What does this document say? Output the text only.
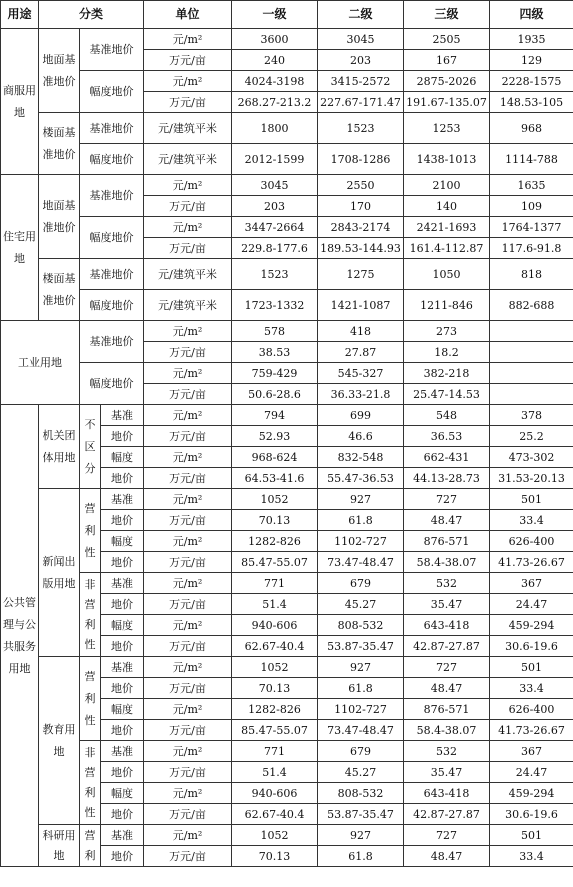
用途	分类			单位	一级	二级	三级	四级
商服用地	地面基准地价	基准地价		元/m²	3600	3045	2505	1935
				万元/亩	240	203	167	129
		幅度地价		元/m²	4024-3198	3415-2572	2875-2026	2228-1575
				万元/亩	268.27-213.2	227.67-171.47	191.67-135.07	148.53-105
	楼面基准地价	基准地价		元/建筑平米	1800	1523	1253	968
		幅度地价		元/建筑平米	2012-1599	1708-1286	1438-1013	1114-788
住宅用地	地面基准地价	基准地价		元/m²	3045	2550	2100	1635
				万元/亩	203	170	140	109
		幅度地价		元/m²	3447-2664	2843-2174	2421-1693	1764-1377
				万元/亩	229.8-177.6	189.53-144.93	161.4-112.87	117.6-91.8
	楼面基准地价	基准地价		元/建筑平米	1523	1275	1050	818
		幅度地价		元/建筑平米	1723-1332	1421-1087	1211-846	882-688
工业用地		基准地价		元/m²	578	418	273	
				万元/亩	38.53	27.87	18.2	
		幅度地价		元/m²	759-429	545-327	382-218	
				万元/亩	50.6-28.6	36.33-21.8	25.47-14.53	
公共管理与公共服务用地	机关团体用地	不区分	基准	元/m²	794	699	548	378
			地价	万元/亩	52.93	46.6	36.53	25.2
			幅度	元/m²	968-624	832-548	662-431	473-302
			地价	万元/亩	64.53-41.6	55.47-36.53	44.13-28.73	31.53-20.13
	新闻出版用地	营利性	基准	元/m²	1052	927	727	501
			地价	万元/亩	70.13	61.8	48.47	33.4
			幅度	元/m²	1282-826	1102-727	876-571	626-400
			地价	万元/亩	85.47-55.07	73.47-48.47	58.4-38.07	41.73-26.67
		非营利性	基准	元/m²	771	679	532	367
			地价	万元/亩	51.4	45.27	35.47	24.47
			幅度	元/m²	940-606	808-532	643-418	459-294
			地价	万元/亩	62.67-40.4	53.87-35.47	42.87-27.87	30.6-19.6
	教育用地	营利性	基准	元/m²	1052	927	727	501
			地价	万元/亩	70.13	61.8	48.47	33.4
			幅度	元/m²	1282-826	1102-727	876-571	626-400
			地价	万元/亩	85.47-55.07	73.47-48.47	58.4-38.07	41.73-26.67
		非营利性	基准	元/m²	771	679	532	367
			地价	万元/亩	51.4	45.27	35.47	24.47
			幅度	元/m²	940-606	808-532	643-418	459-294
			地价	万元/亩	62.67-40.4	53.87-35.47	42.87-27.87	30.6-19.6
	科研用地	营利	基准	元/m²	1052	927	727	501
			地价	万元/亩	70.13	61.8	48.47	33.4
